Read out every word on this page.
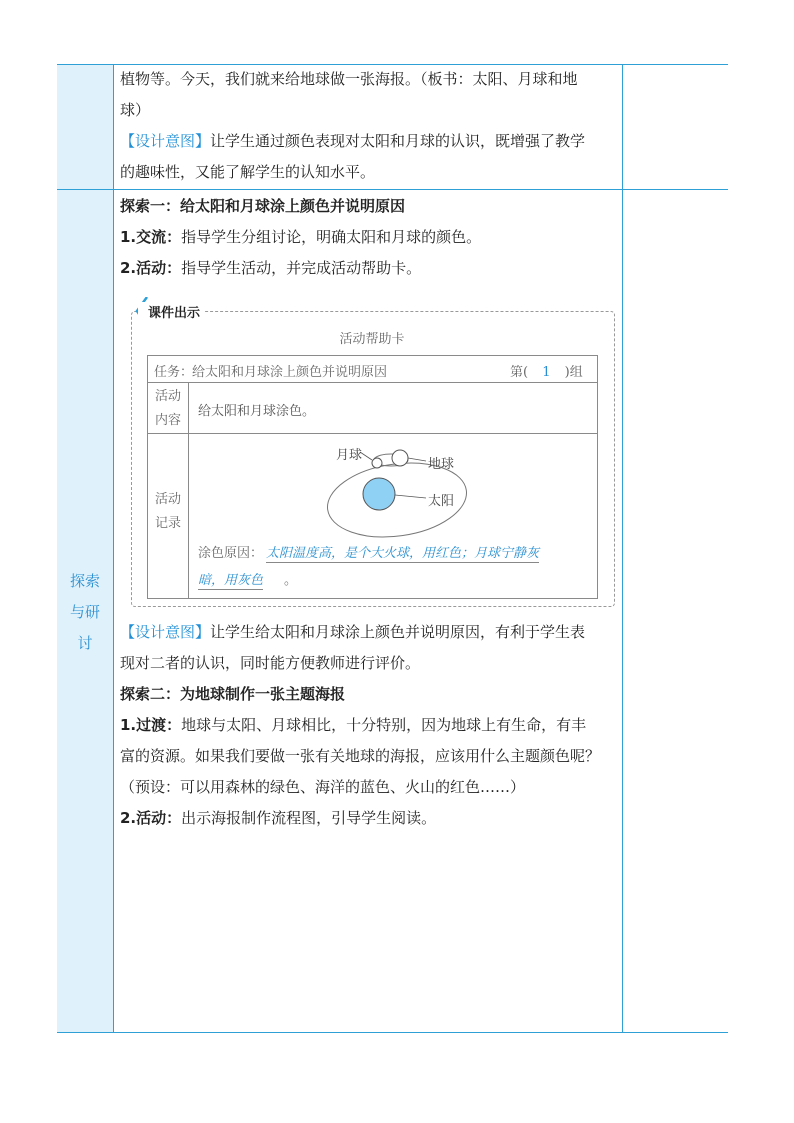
探索
与研
讨

植物等。今天，我们就来给地球做一张海报。（板书：太阳、月球和地

球）

【设计意图】让学生通过颜色表现对太阳和月球的认识，既增强了教学

的趣味性，又能了解学生的认知水平。

探索一：给太阳和月球涂上颜色并说明原因

1.交流：指导学生分组讨论，明确太阳和月球的颜色。

2.活动：指导学生活动，并完成活动帮助卡。

课件出示
活动帮助卡
任务：
给太阳和月球涂上颜色并说明原因	第( 1 )组
活动
内容
给太阳和月球涂色。
活动
记录
月球
地球
太阳
涂色原因： 太阳温度高，是个大火球，用红色；月球宁静灰
暗，用灰色 。

【设计意图】让学生给太阳和月球涂上颜色并说明原因，有利于学生表

现对二者的认识，同时能方便教师进行评价。

探索二：为地球制作一张主题海报

1.过渡：地球与太阳、月球相比，十分特别，因为地球上有生命，有丰

富的资源。如果我们要做一张有关地球的海报，应该用什么主题颜色呢？

（预设：可以用森林的绿色、海洋的蓝色、火山的红色……）

2.活动：出示海报制作流程图，引导学生阅读。
